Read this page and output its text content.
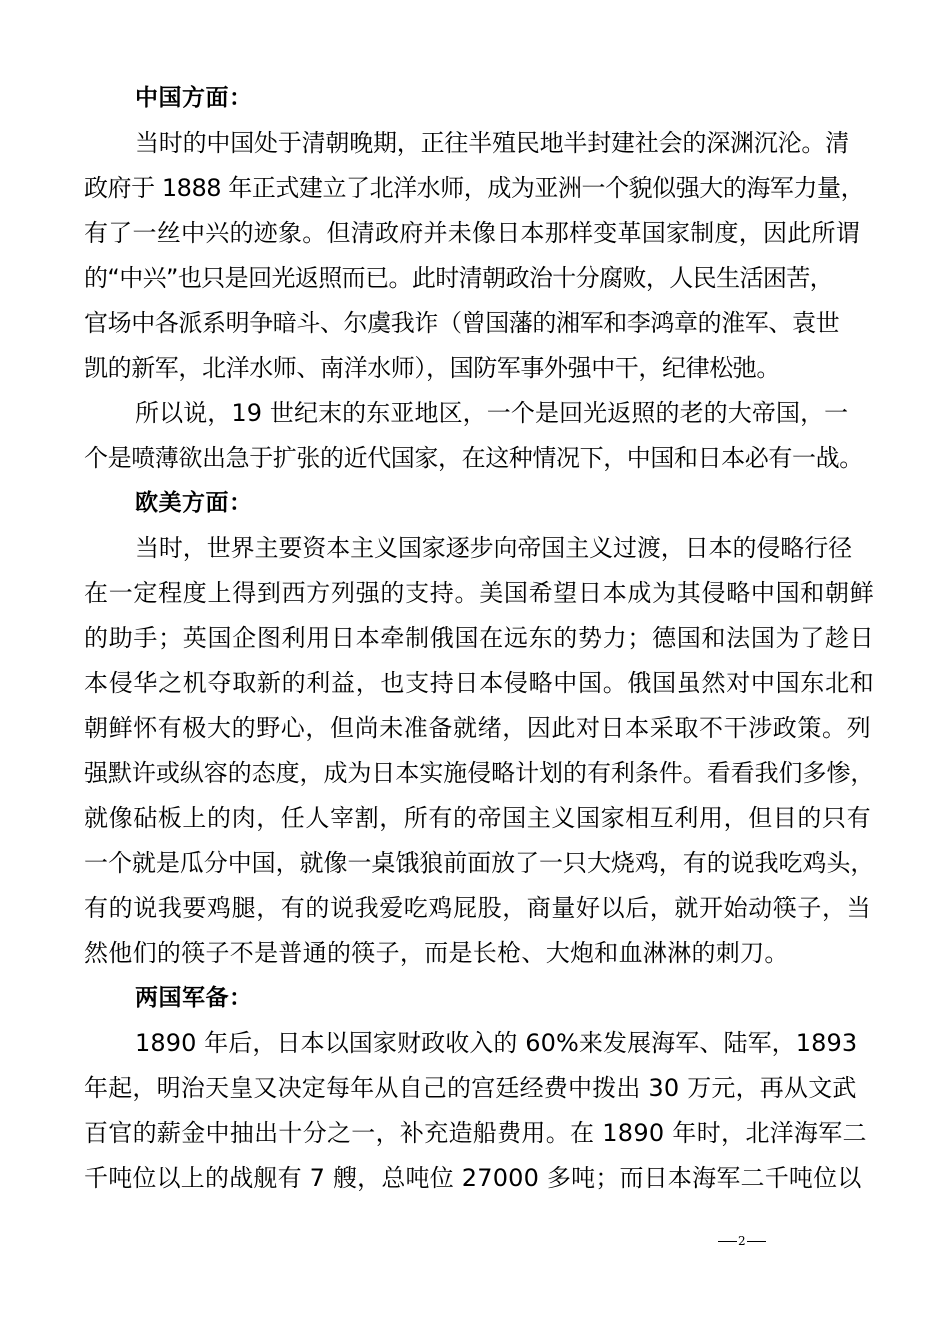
中国方面：
当时的中国处于清朝晚期，正往半殖民地半封建社会的深渊沉沦。清
政府于 1888 年正式建立了北洋水师，成为亚洲一个貌似强大的海军力量，
有了一丝中兴的迹象。但清政府并未像日本那样变革国家制度，因此所谓
的“中兴”也只是回光返照而已。此时清朝政治十分腐败，人民生活困苦，
官场中各派系明争暗斗、尔虞我诈（曾国藩的湘军和李鸿章的淮军、袁世
凯的新军，北洋水师、南洋水师），国防军事外强中干，纪律松弛。
所以说，19 世纪末的东亚地区，一个是回光返照的老的大帝国，一
个是喷薄欲出急于扩张的近代国家，在这种情况下，中国和日本必有一战。
欧美方面：
当时，世界主要资本主义国家逐步向帝国主义过渡，日本的侵略行径
在一定程度上得到西方列强的支持。美国希望日本成为其侵略中国和朝鲜
的助手；英国企图利用日本牵制俄国在远东的势力；德国和法国为了趁日
本侵华之机夺取新的利益，也支持日本侵略中国。俄国虽然对中国东北和
朝鲜怀有极大的野心，但尚未准备就绪，因此对日本采取不干涉政策。列
强默许或纵容的态度，成为日本实施侵略计划的有利条件。看看我们多惨，
就像砧板上的肉，任人宰割，所有的帝国主义国家相互利用，但目的只有
一个就是瓜分中国，就像一桌饿狼前面放了一只大烧鸡，有的说我吃鸡头，
有的说我要鸡腿，有的说我爱吃鸡屁股，商量好以后，就开始动筷子，当
然他们的筷子不是普通的筷子，而是长枪、大炮和血淋淋的刺刀。
两国军备：
1890 年后，日本以国家财政收入的 60%来发展海军、陆军，1893
年起，明治天皇又决定每年从自己的宫廷经费中拨出 30 万元，再从文武
百官的薪金中抽出十分之一，补充造船费用。在 1890 年时，北洋海军二
千吨位以上的战舰有 7 艘，总吨位 27000 多吨；而日本海军二千吨位以
2
